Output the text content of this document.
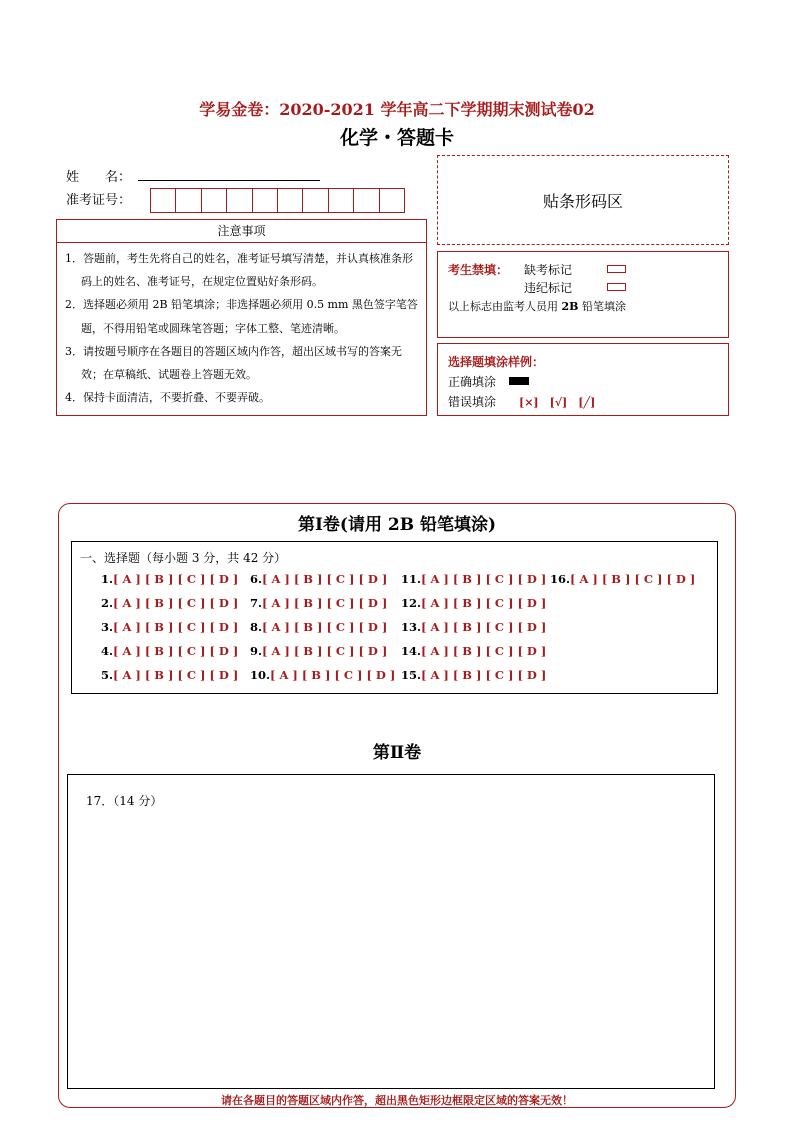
学易金卷：2020-2021 学年高二下学期期末测试卷02
化学・答题卡
姓　　名：
准考证号：	贴条形码区
注意事项
1．答题前，考生先将自己的姓名，准考证号填写清楚，并认真核准条形码上的姓名、准考证号，在规定位置贴好条形码。
2．选择题必须用 2B 铅笔填涂；非选择题必须用 0.5 mm 黑色签字笔答题，不得用铅笔或圆珠笔答题；字体工整、笔迹清晰。
3．请按题号顺序在各题目的答题区域内作答，超出区域书写的答案无效；在草稿纸、试题卷上答题无效。
4．保持卡面清洁，不要折叠、不要弄破。
考生禁填： 缺考标记
违纪标记
以上标志由监考人员用 2B 铅笔填涂
选择题填涂样例：
正确填涂
错误填涂 [×]　[√]　[╱]
第Ⅰ卷(请用 2B 铅笔填涂)
一、选择题（每小题 3 分，共 42 分）
1.[ A ] [ B ] [ C ] [ D ]
2.[ A ] [ B ] [ C ] [ D ]
3.[ A ] [ B ] [ C ] [ D ]
4.[ A ] [ B ] [ C ] [ D ]
5.[ A ] [ B ] [ C ] [ D ]
6.[ A ] [ B ] [ C ] [ D ]
7.[ A ] [ B ] [ C ] [ D ]
8.[ A ] [ B ] [ C ] [ D ]
9.[ A ] [ B ] [ C ] [ D ]
10.[ A ] [ B ] [ C ] [ D ]
11.[ A ] [ B ] [ C ] [ D ]
12.[ A ] [ B ] [ C ] [ D ]
13.[ A ] [ B ] [ C ] [ D ]
14.[ A ] [ B ] [ C ] [ D ]
15.[ A ] [ B ] [ C ] [ D ]
16.[ A ] [ B ] [ C ] [ D ]
第Ⅱ卷
17．（14 分）
请在各题目的答题区域内作答，超出黑色矩形边框限定区域的答案无效！
